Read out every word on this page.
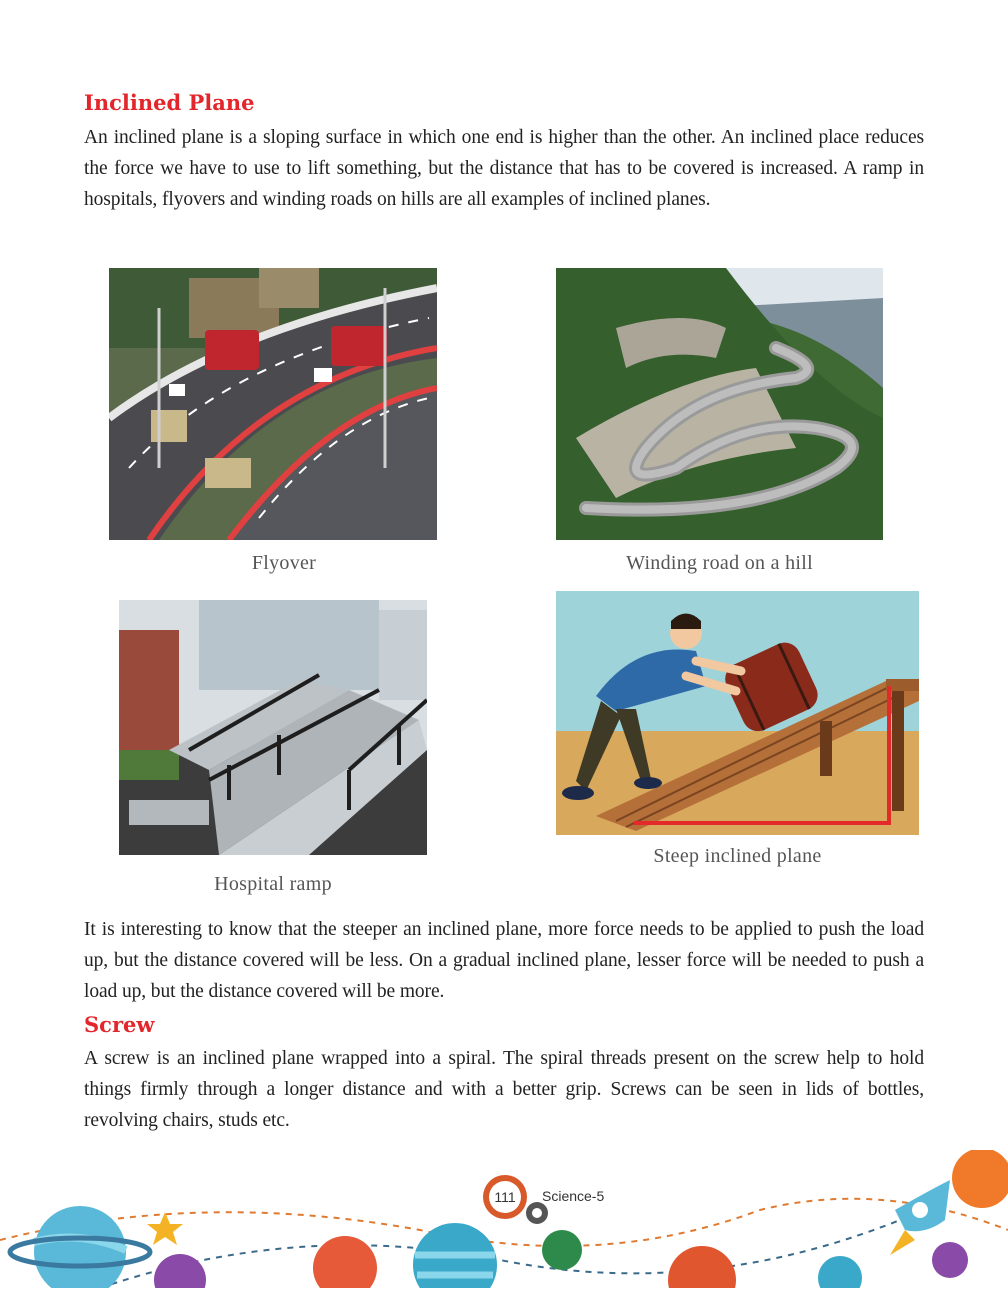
Inclined Plane
An inclined plane is a sloping surface in which one end is higher than the other. An inclined place reduces the force we have to use to lift something, but the distance that has to be covered is increased. A ramp in hospitals, flyovers and winding roads on hills are all examples of inclined planes.
Flyover	Winding road on a hill
Hospital ramp
Steep inclined plane
It is interesting to know that the steeper an inclined plane, more force needs to be applied to push the load up, but the distance covered will be less. On a gradual inclined plane, lesser force will be needed to push a load up, but the distance covered will be more.
Screw
A screw is an inclined plane wrapped into a spiral. The spiral threads present on the screw help to hold things firmly through a longer distance and with a better grip. Screws can be seen in lids of bottles, revolving chairs, studs etc.
111	Science-5
